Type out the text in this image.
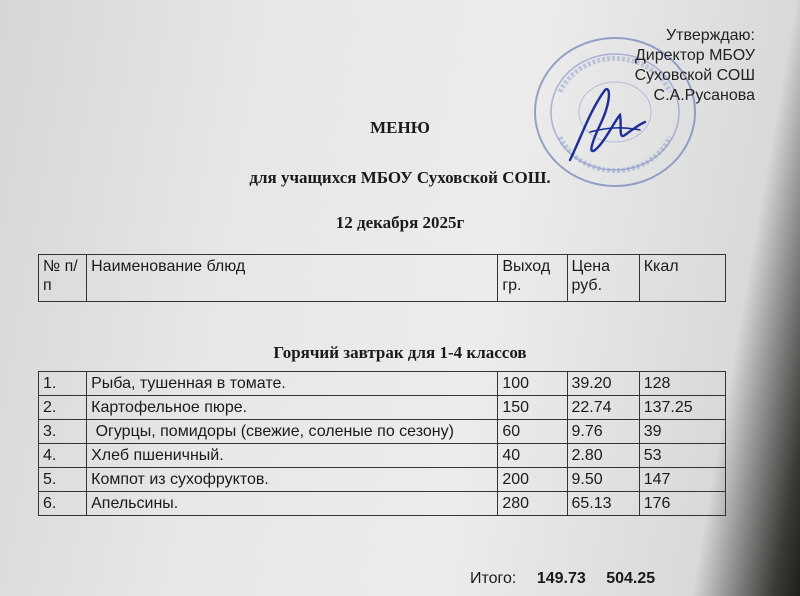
Утверждаю:
Директор МБОУ
Суховской СОШ
С.А.Русанова
МЕНЮ
для учащихся МБОУ Суховской СОШ.
12 декабря 2025г
№ п/п	Наименование блюд	Выход гр.	Цена руб.	Ккал
Горячий завтрак для 1-4 классов
1.	Рыба, тушенная в томате.	100	39.20	128
2.	Картофельное пюре.	150	22.74	137.25
3.	Огурцы, помидоры (свежие, соленые по сезону)	60	9.76	39
4.	Хлеб пшеничный.	40	2.80	53
5.	Компот из сухофруктов.	200	9.50	147
6.	Апельсины.	280	65.13	176
Итого: 149.73 504.25
